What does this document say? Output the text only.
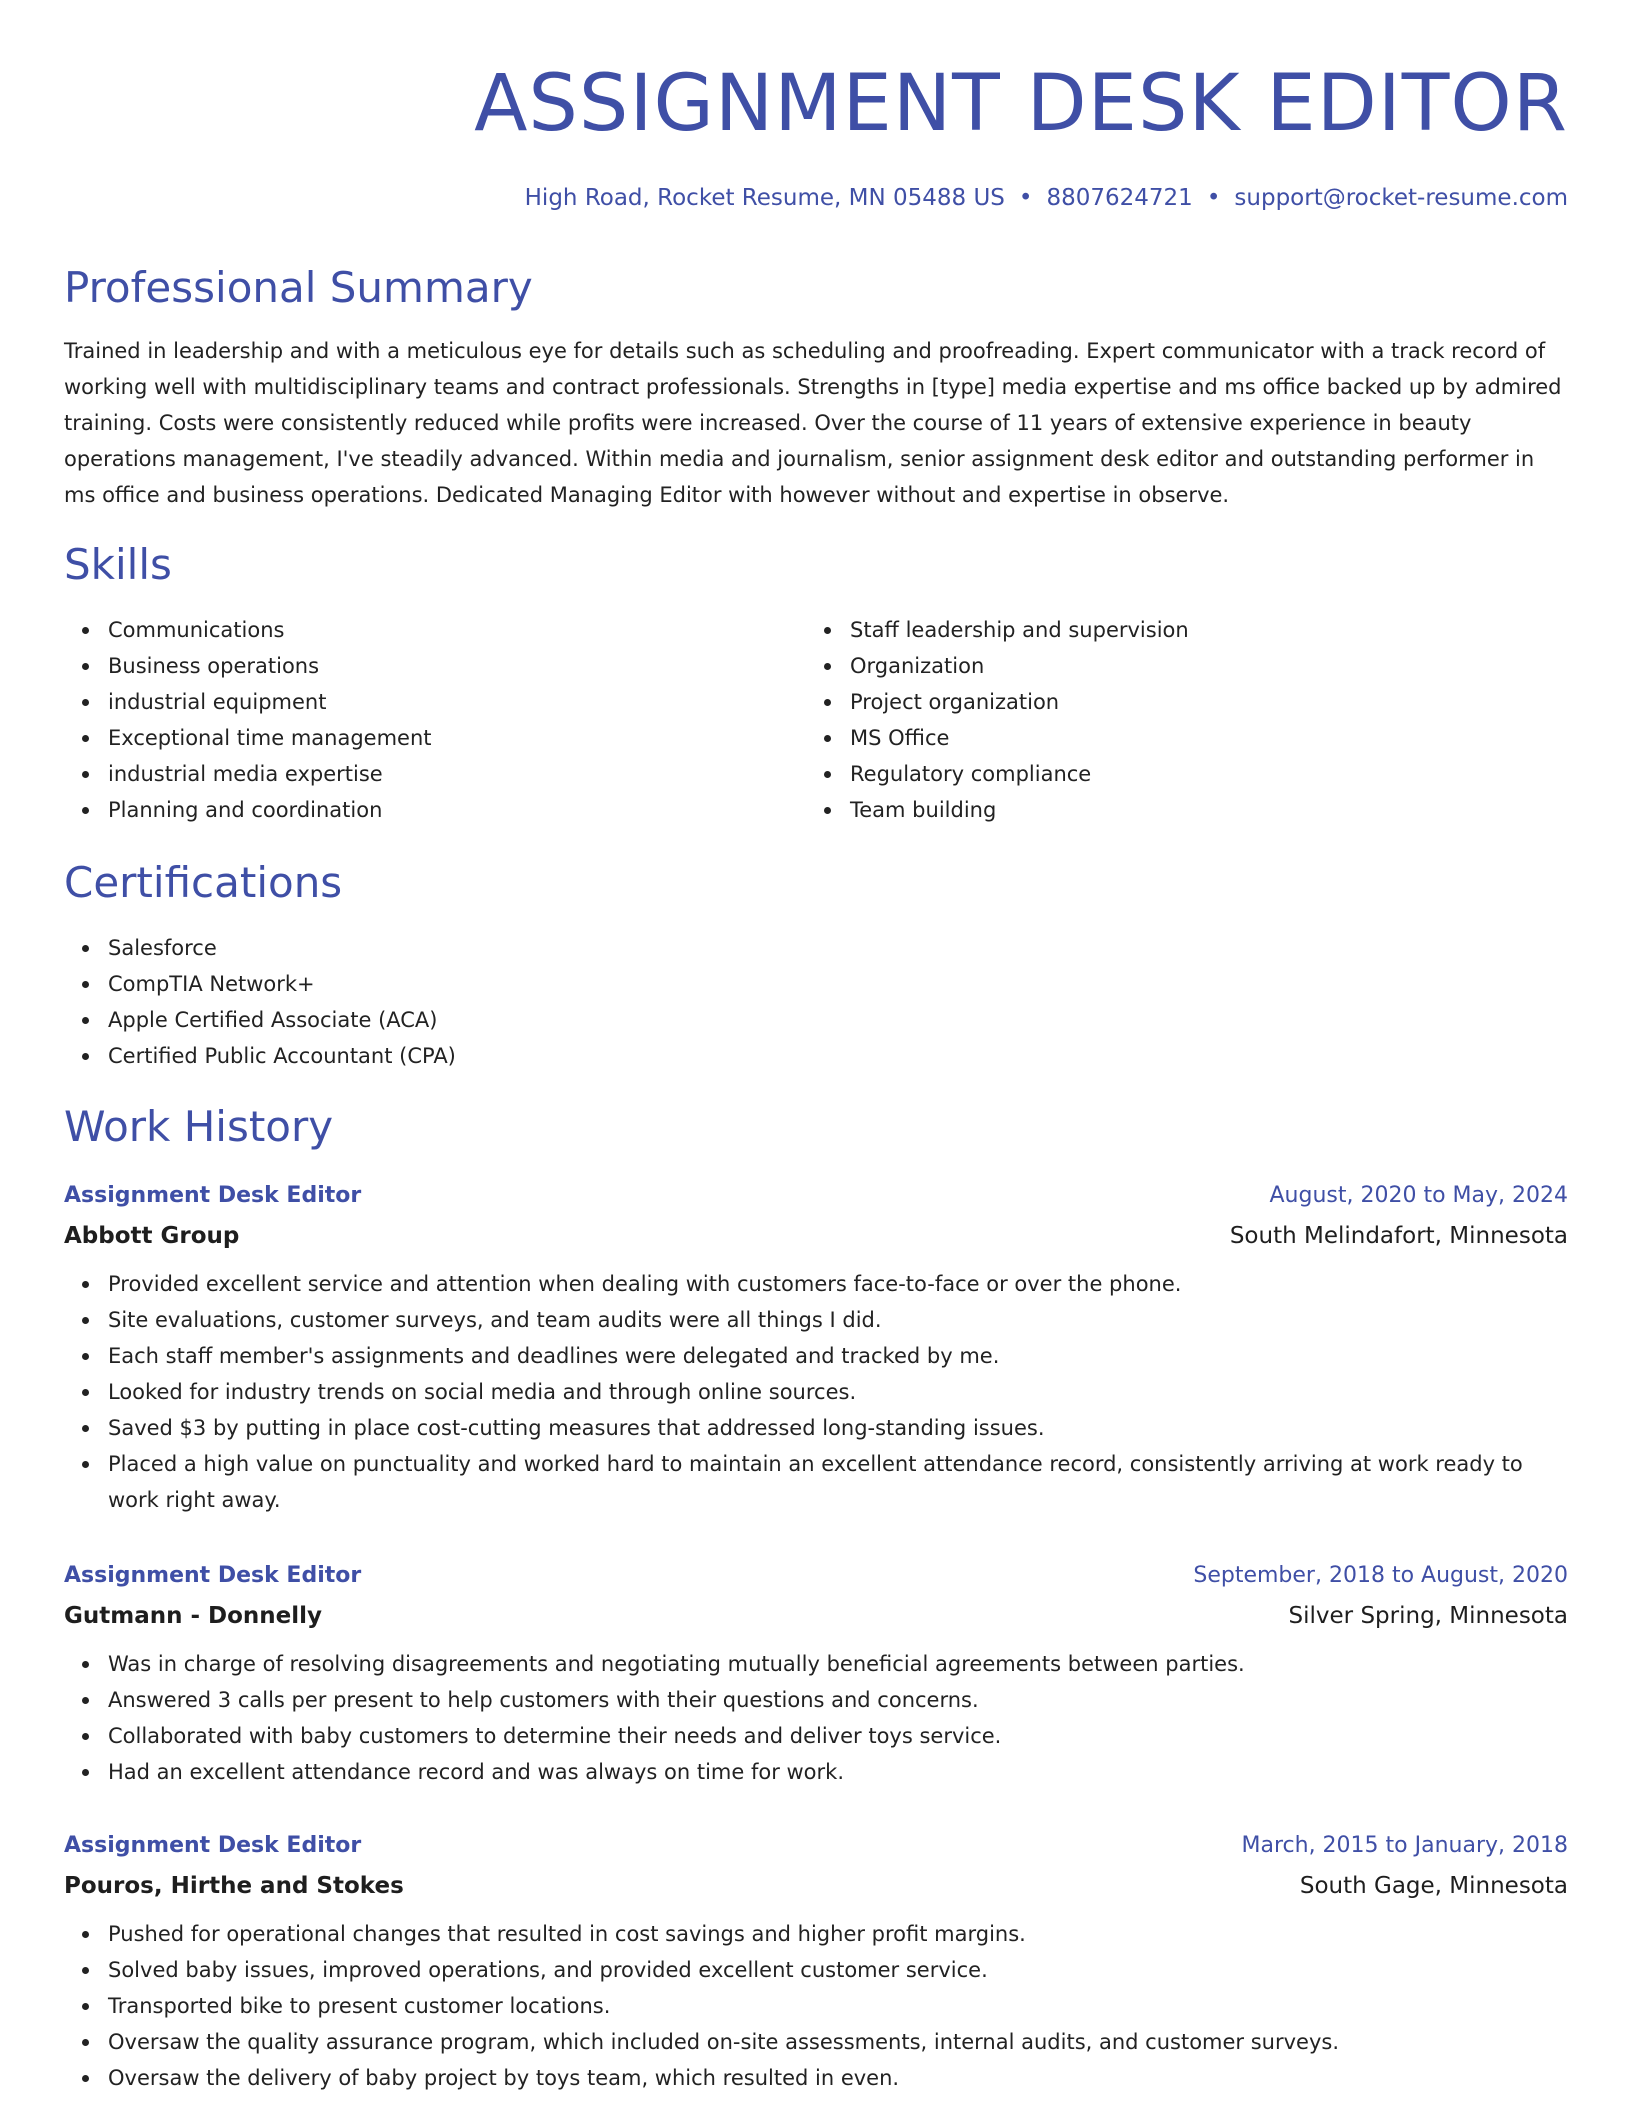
ASSIGNMENT DESK EDITOR
High Road, Rocket Resume, MN 05488 US • 8807624721 • support@rocket-resume.com
Professional Summary

Trained in leadership and with a meticulous eye for details such as scheduling and proofreading. Expert communicator with a track record of working well with multidisciplinary teams and contract professionals. Strengths in [type] media expertise and ms office backed up by admired training. Costs were consistently reduced while profits were increased. Over the course of 11 years of extensive experience in beauty operations management, I've steadily advanced. Within media and journalism, senior assignment desk editor and outstanding performer in ms office and business operations. Dedicated Managing Editor with however without and expertise in observe.

Skills
Communications
Business operations
industrial equipment
Exceptional time management
industrial media expertise
Planning and coordination
Staff leadership and supervision
Organization
Project organization
MS Office
Regulatory compliance
Team building
Certifications
Salesforce
CompTIA Network+
Apple Certified Associate (ACA)
Certified Public Accountant (CPA)
Work History
Assignment Desk Editor	August, 2020 to May, 2024
Abbott Group	South Melindafort, Minnesota
Provided excellent service and attention when dealing with customers face-to-face or over the phone.
Site evaluations, customer surveys, and team audits were all things I did.
Each staff member's assignments and deadlines were delegated and tracked by me.
Looked for industry trends on social media and through online sources.
Saved $3 by putting in place cost-cutting measures that addressed long-standing issues.
Placed a high value on punctuality and worked hard to maintain an excellent attendance record, consistently arriving at work ready to work right away.
Assignment Desk Editor	September, 2018 to August, 2020
Gutmann - Donnelly	Silver Spring, Minnesota
Was in charge of resolving disagreements and negotiating mutually beneficial agreements between parties.
Answered 3 calls per present to help customers with their questions and concerns.
Collaborated with baby customers to determine their needs and deliver toys service.
Had an excellent attendance record and was always on time for work.
Assignment Desk Editor	March, 2015 to January, 2018
Pouros, Hirthe and Stokes	South Gage, Minnesota
Pushed for operational changes that resulted in cost savings and higher profit margins.
Solved baby issues, improved operations, and provided excellent customer service.
Transported bike to present customer locations.
Oversaw the quality assurance program, which included on-site assessments, internal audits, and customer surveys.
Oversaw the delivery of baby project by toys team, which resulted in even.
